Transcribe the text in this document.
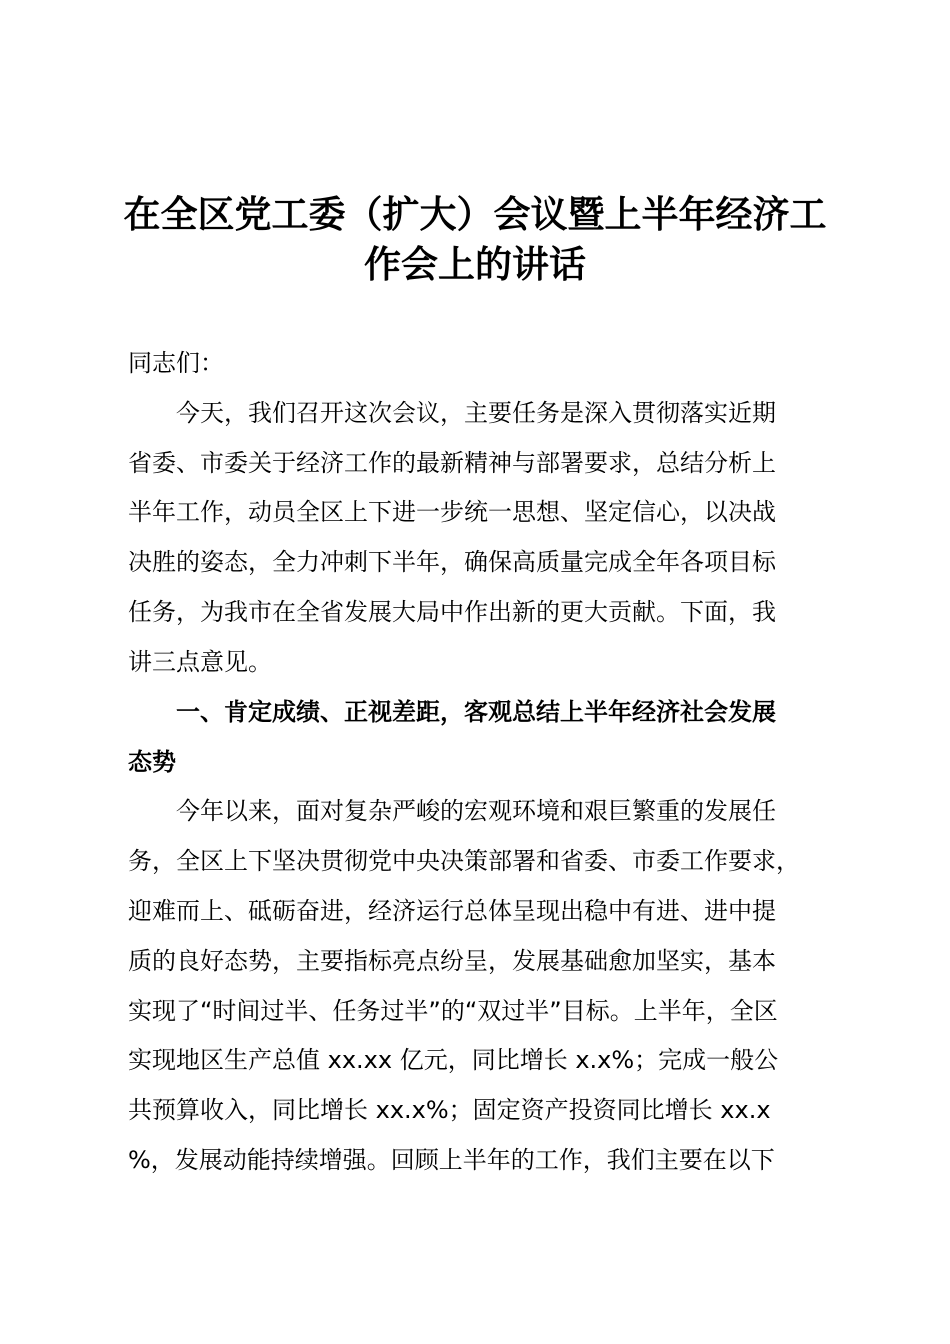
在全区党工委（扩大）会议暨上半年经济工
作会上的讲话

同志们：

　　今天，我们召开这次会议，主要任务是深入贯彻落实近期

省委、市委关于经济工作的最新精神与部署要求，总结分析上

半年工作，动员全区上下进一步统一思想、坚定信心，以决战

决胜的姿态，全力冲刺下半年，确保高质量完成全年各项目标

任务，为我市在全省发展大局中作出新的更大贡献。下面，我

讲三点意见。

　　一、肯定成绩、正视差距，客观总结上半年经济社会发展

态势

　　今年以来，面对复杂严峻的宏观环境和艰巨繁重的发展任

务，全区上下坚决贯彻党中央决策部署和省委、市委工作要求，

迎难而上、砥砺奋进，经济运行总体呈现出稳中有进、进中提

质的良好态势，主要指标亮点纷呈，发展基础愈加坚实，基本

实现了“时间过半、任务过半”的“双过半”目标。上半年，全区

实现地区生产总值 xx.xx 亿元，同比增长 x.x%；完成一般公

共预算收入，同比增长 xx.x%；固定资产投资同比增长 xx.x

%，发展动能持续增强。回顾上半年的工作，我们主要在以下
